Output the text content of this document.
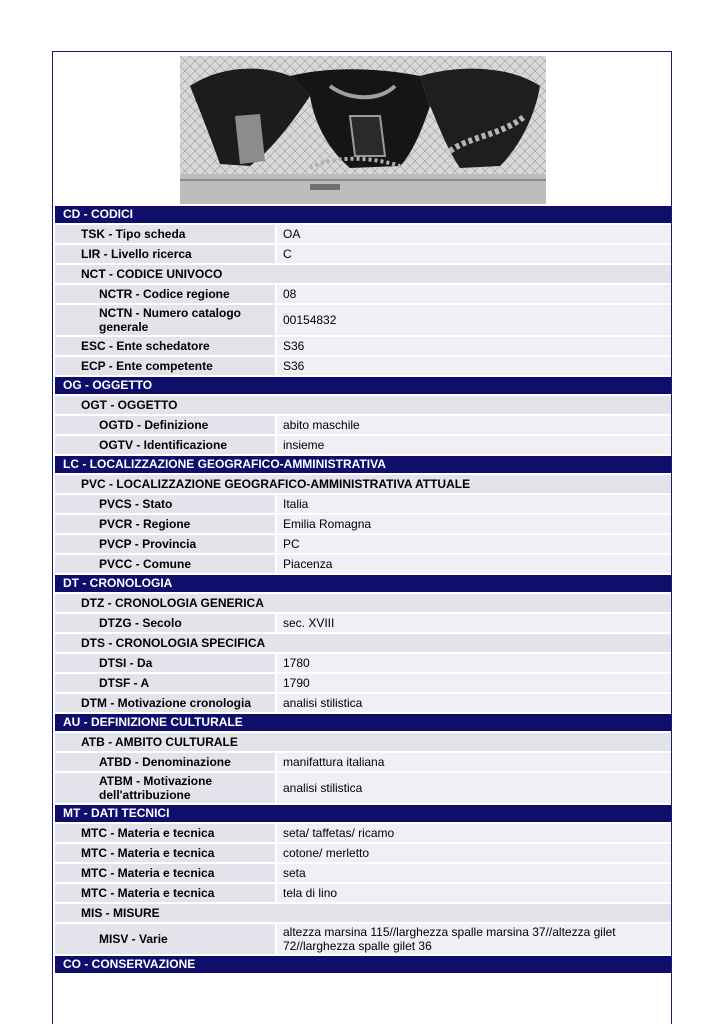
CD - CODICI
TSK - Tipo scheda	OA
LIR - Livello ricerca	C
NCT - CODICE UNIVOCO
NCTR - Codice regione	08
NCTN - Numero catalogo generale	00154832
ESC - Ente schedatore	S36
ECP - Ente competente	S36
OG - OGGETTO
OGT - OGGETTO
OGTD - Definizione	abito maschile
OGTV - Identificazione	insieme
LC - LOCALIZZAZIONE GEOGRAFICO-AMMINISTRATIVA
PVC - LOCALIZZAZIONE GEOGRAFICO-AMMINISTRATIVA ATTUALE
PVCS - Stato	Italia
PVCR - Regione	Emilia Romagna
PVCP - Provincia	PC
PVCC - Comune	Piacenza
DT - CRONOLOGIA
DTZ - CRONOLOGIA GENERICA
DTZG - Secolo	sec. XVIII
DTS - CRONOLOGIA SPECIFICA
DTSI - Da	1780
DTSF - A	1790
DTM - Motivazione cronologia	analisi stilistica
AU - DEFINIZIONE CULTURALE
ATB - AMBITO CULTURALE
ATBD - Denominazione	manifattura italiana
ATBM - Motivazione dell'attribuzione	analisi stilistica
MT - DATI TECNICI
MTC - Materia e tecnica	seta/ taffetas/ ricamo
MTC - Materia e tecnica	cotone/ merletto
MTC - Materia e tecnica	seta
MTC - Materia e tecnica	tela di lino
MIS - MISURE
MISV - Varie	altezza marsina 115//larghezza spalle marsina 37//altezza gilet 72//larghezza spalle gilet 36
CO - CONSERVAZIONE
